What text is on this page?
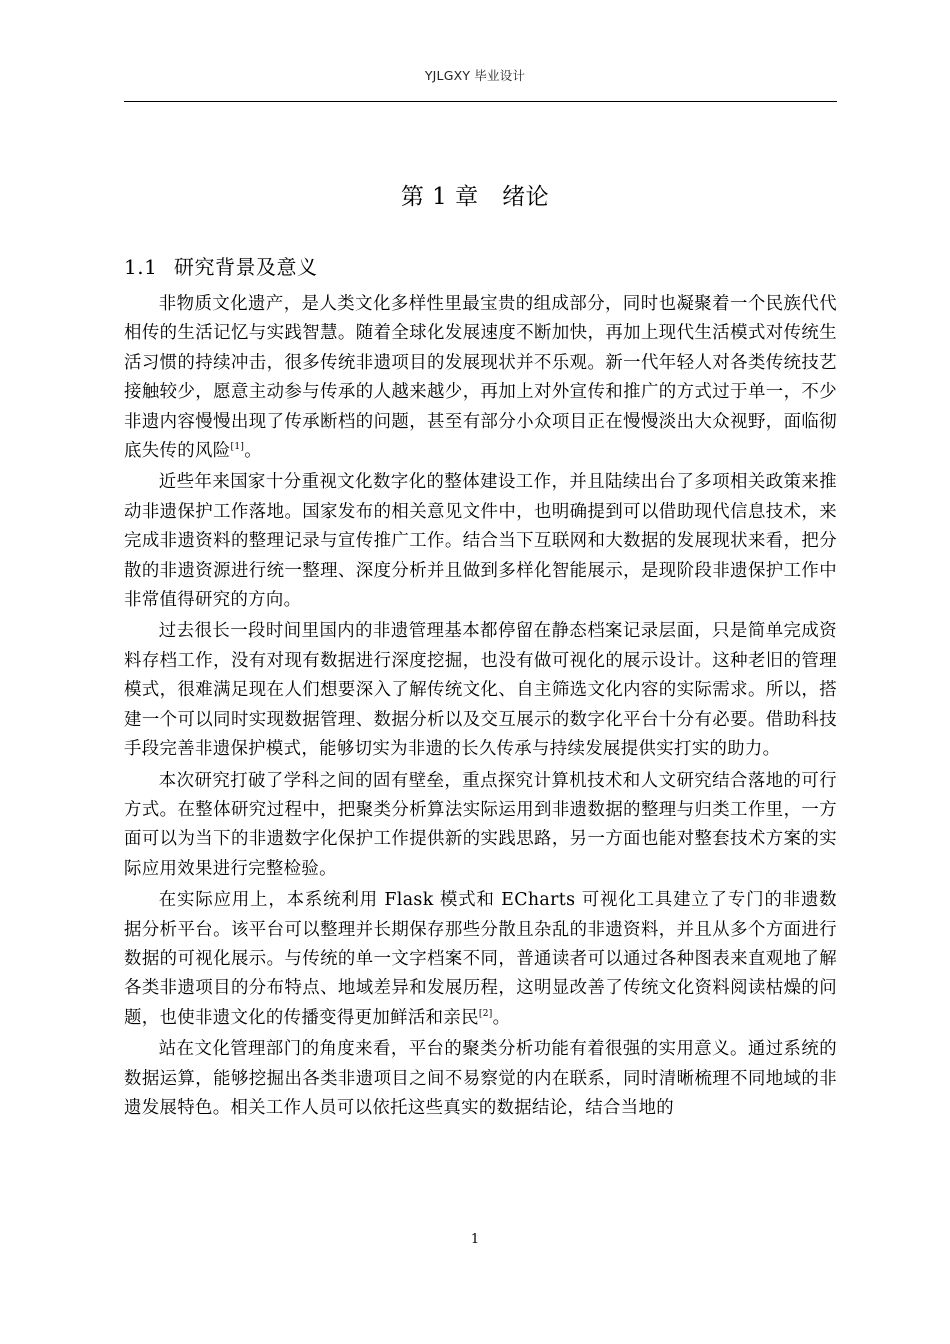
YJLGXY 毕业设计
第 1 章　绪论
1.1 研究背景及意义

非物质文化遗产，是人类文化多样性里最宝贵的组成部分，同时也凝聚着一个民族代代相传的生活记忆与实践智慧。随着全球化发展速度不断加快，再加上现代生活模式对传统生活习惯的持续冲击，很多传统非遗项目的发展现状并不乐观。新一代年轻人对各类传统技艺接触较少，愿意主动参与传承的人越来越少，再加上对外宣传和推广的方式过于单一，不少非遗内容慢慢出现了传承断档的问题，甚至有部分小众项目正在慢慢淡出大众视野，面临彻底失传的风险[1]。

近些年来国家十分重视文化数字化的整体建设工作，并且陆续出台了多项相关政策来推动非遗保护工作落地。国家发布的相关意见文件中，也明确提到可以借助现代信息技术，来完成非遗资料的整理记录与宣传推广工作。结合当下互联网和大数据的发展现状来看，把分散的非遗资源进行统一整理、深度分析并且做到多样化智能展示，是现阶段非遗保护工作中非常值得研究的方向。

过去很长一段时间里国内的非遗管理基本都停留在静态档案记录层面，只是简单完成资料存档工作，没有对现有数据进行深度挖掘，也没有做可视化的展示设计。这种老旧的管理模式，很难满足现在人们想要深入了解传统文化、自主筛选文化内容的实际需求。所以，搭建一个可以同时实现数据管理、数据分析以及交互展示的数字化平台十分有必要。借助科技手段完善非遗保护模式，能够切实为非遗的长久传承与持续发展提供实打实的助力。

本次研究打破了学科之间的固有壁垒，重点探究计算机技术和人文研究结合落地的可行方式。在整体研究过程中，把聚类分析算法实际运用到非遗数据的整理与归类工作里，一方面可以为当下的非遗数字化保护工作提供新的实践思路，另一方面也能对整套技术方案的实际应用效果进行完整检验。

在实际应用上，本系统利用 Flask 模式和 ECharts 可视化工具建立了专门的非遗数据分析平台。该平台可以整理并长期保存那些分散且杂乱的非遗资料，并且从多个方面进行数据的可视化展示。与传统的单一文字档案不同，普通读者可以通过各种图表来直观地了解各类非遗项目的分布特点、地域差异和发展历程，这明显改善了传统文化资料阅读枯燥的问题，也使非遗文化的传播变得更加鲜活和亲民[2]。

站在文化管理部门的角度来看，平台的聚类分析功能有着很强的实用意义。通过系统的数据运算，能够挖掘出各类非遗项目之间不易察觉的内在联系，同时清晰梳理不同地域的非遗发展特色。相关工作人员可以依托这些真实的数据结论，结合当地的

1
